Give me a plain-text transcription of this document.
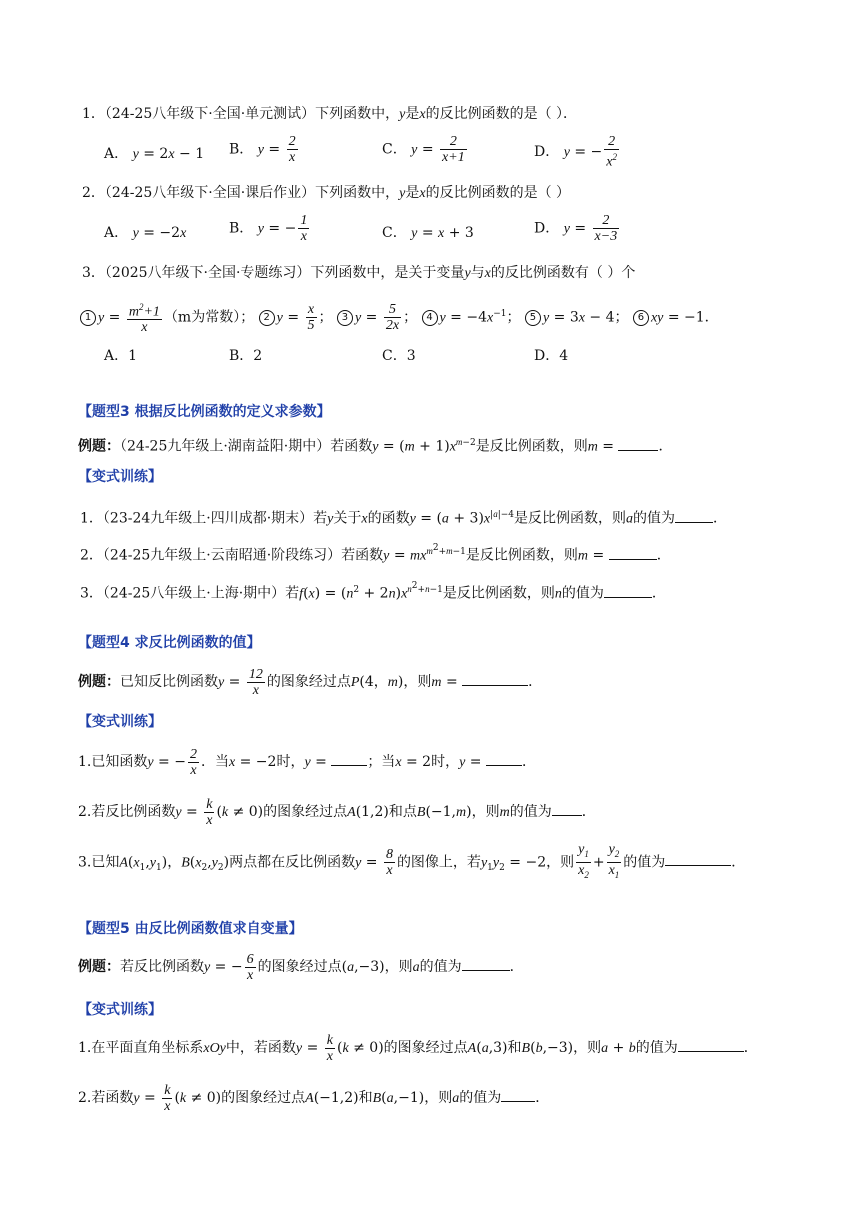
1．（24-25八年级下·全国·单元测试）下列函数中，y是x的反比例函数的是（ ）．
A． y = 2x − 1 B． $y = \frac{2}{x}$	C． $y = \frac{2}{x+1}$	D． y = − $\frac{2}{x^2}$
2．（24-25八年级下·全国·课后作业）下列函数中，y是x的反比例函数的是（ ）
A． y = −2x	B． y = − $\frac{1}{x}$	C． y = x + 3	D． $y = \frac{2}{x-3}$
3．（2025八年级下·全国·专题练习）下列函数中，是关于变量y与x的反比例函数有（ ）个
1 $y = \frac{m^2+1}{x} (m$为常数）； 2 $y = \frac{x}{5}$ ； 3 $y = \frac{5}{2x}$ ； 4 $y = -4x^{-1}$； 5 y = 3x − 4； 6 xy = −1．
A．1	B．2	C．3	D．4
【题型3 根据反比例函数的定义求参数】
例题：（24-25九年级上·湖南益阳·期中）若函数$y = (m + 1)x^{m-2}$是反比例函数，则m =	．
【变式训练】
1．（23-24九年级上·四川成都·期末）若y关于x的函数$y = (a + 3)x^{|a|-4}$是反比例函数，则a的值为	．
2．（24-25九年级上·云南昭通·阶段练习）若函数$y = mx^{m^2+m-1}$是反比例函数，则m =	．
3．（24-25八年级上·上海·期中）若$f(x) = (n^2 + 2n)x^{n^2+n-1}$是反比例函数，则n的值为	．
【题型4 求反比例函数的值】
例题：已知反比例函数$y = \frac{12}{x}$ 的图象经过点P(4，m)，则m =	．
【变式训练】
1.已知函数y = − $\frac{2}{x}$ ．当x = −2时，y =	；当x = 2时，y =	．
2.若反比例函数$y = \frac{k}{x} (k \ne 0)$的图象经过点A(1,2)和点B(−1,m)，则m的值为 ．
3.已知$A(x_1,y_1)$，$B(x_2,y_2)$两点都在反比例函数$y = \frac{8}{x}$ 的图像上，若$y_1y_2 = -2$，则 $\frac{y_1}{x_2} + \frac{y_2}{x_1}$ 的值为	．
【题型5 由反比例函数值求自变量】
例题：若反比例函数y = − $\frac{6}{x}$ 的图象经过点(a,−3)，则a的值为	．
【变式训练】
1.在平面直角坐标系xOy中，若函数$y = \frac{k}{x} (k \ne 0)$的图象经过点A(a,3)和B(b,−3)，则a + b的值为	．
2.若函数$y = \frac{k}{x} (k \ne 0)$的图象经过点A(−1,2)和B(a,−1)，则a的值为 ．
